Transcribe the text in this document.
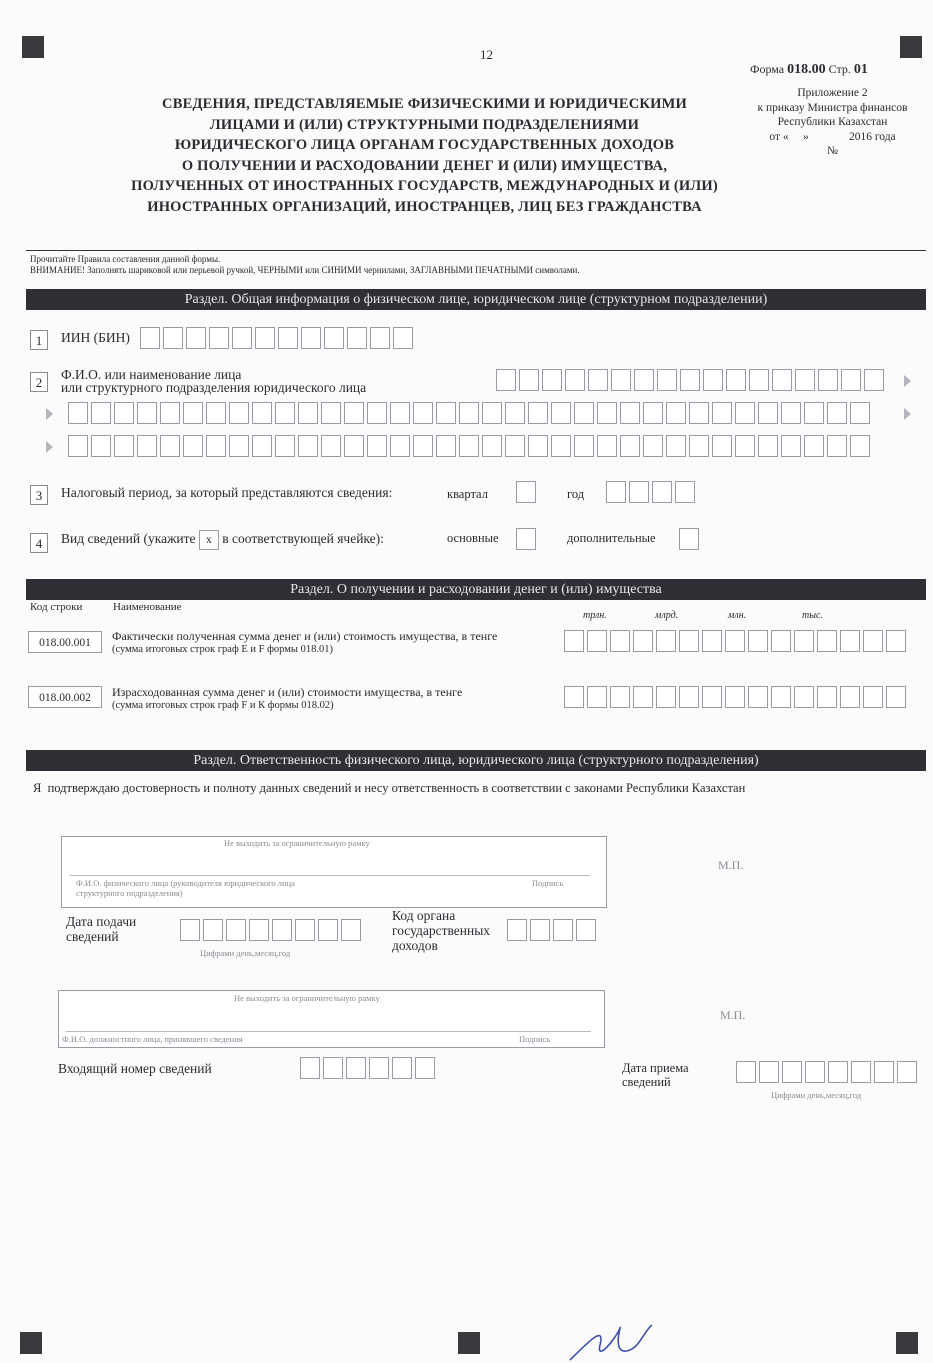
12
Форма 018.00 Стр. 01
Приложение 2
к приказу Министра финансов
Республики Казахстан
от «     »              2016 года
№
СВЕДЕНИЯ, ПРЕДСТАВЛЯЕМЫЕ ФИЗИЧЕСКИМИ И ЮРИДИЧЕСКИМИ
ЛИЦАМИ И (ИЛИ) СТРУКТУРНЫМИ ПОДРАЗДЕЛЕНИЯМИ
ЮРИДИЧЕСКОГО ЛИЦА ОРГАНАМ ГОСУДАРСТВЕННЫХ ДОХОДОВ
О ПОЛУЧЕНИИ И РАСХОДОВАНИИ ДЕНЕГ И (ИЛИ) ИМУЩЕСТВА,
ПОЛУЧЕННЫХ ОТ ИНОСТРАННЫХ ГОСУДАРСТВ, МЕЖДУНАРОДНЫХ И (ИЛИ)
ИНОСТРАННЫХ ОРГАНИЗАЦИЙ, ИНОСТРАНЦЕВ, ЛИЦ БЕЗ ГРАЖДАНСТВА
Прочитайте Правила составления данной формы.
ВНИМАНИЕ! Заполнять шариковой или перьевой ручкой, ЧЕРНЫМИ или СИНИМИ чернилами, ЗАГЛАВНЫМИ ПЕЧАТНЫМИ символами.
Раздел. Общая информация о физическом лице, юридическом лице (структурном подразделении)
1	ИИН (БИН)
2
Ф.И.О. или наименование лица
или структурного подразделения юридического лица
3	Налоговый период, за который представляются сведения:	квартал	год
4	Вид сведений (укажите x в соответствующей ячейке):	основные	дополнительные
Раздел. О получении и расходовании денег и (или) имущества
Код строки	Наименование
трлн.	млрд.	млн.	тыс.
018.00.001	Фактически полученная сумма денег и (или) стоимость имущества, в тенге
(сумма итоговых строк граф Е и F формы 018.01)
018.00.002	Израсходованная сумма денег и (или) стоимости имущества, в тенге
(сумма итоговых строк граф F и К формы 018.02)
Раздел. Ответственность физического лица, юридического лица (структурного подразделения)
Я  подтверждаю достоверность и полноту данных сведений и несу ответственность в соответствии с законами Республики Казахстан
Не выходить за ограничительную рамку
Ф.И.О. физического лица (руководителя юридического лица
структурного подразделения)
Подпись
М.П.
Дата подачи
сведений
Цифрами день,месяц,год
Код органа
государственных
доходов
Не выходить за ограничительную рамку
Ф.И.О. должностного лица, принявшего сведения	Подпись
М.П.
Входящий номер сведений	Дата приема
сведений
Цифрами день,месяц,год
